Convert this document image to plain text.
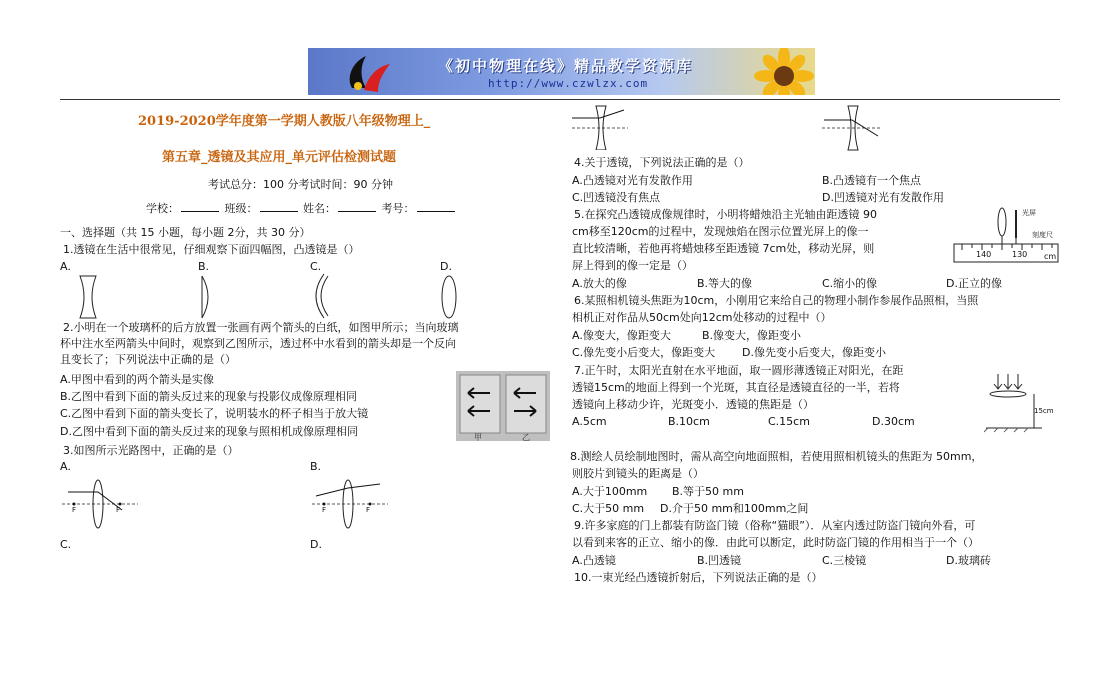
《初中物理在线》精品教学资源库
http://www.czwlzx.com
2019-2020学年度第一学期人教版八年级物理上_
第五章_透镜及其应用_单元评估检测试题
考试总分：100 分考试时间：90 分钟
学校：	班级：	姓名：	考号：
一、选择题（共 15 小题，每小题 2分，共 30 分）
1.透镜在生活中很常见，仔细观察下面四幅图，凸透镜是（）
A.	B.	C.	D.
2.小明在一个玻璃杯的后方放置一张画有两个箭头的白纸，如图甲所示；当向玻璃
杯中注水至两箭头中间时，观察到乙图所示，透过杯中水看到的箭头却是一个反向
且变长了；下列说法中正确的是（）
A.甲图中看到的两个箭头是实像
B.乙图中看到下面的箭头反过来的现象与投影仪成像原理相同
C.乙图中看到下面的箭头变长了，说明装水的杯子相当于放大镜
D.乙图中看到下面的箭头反过来的现象与照相机成像原理相同	甲	乙
3.如图所示光路图中，正确的是（）
A.	B.
F	F	F	F
C.	D.
4.关于透镜，下列说法正确的是（）
A.凸透镜对光有发散作用	B.凸透镜有一个焦点
C.凹透镜没有焦点	D.凹透镜对光有发散作用
5.在探究凸透镜成像规律时，小明将蜡烛沿主光轴由距透镜 90
cm移至120cm的过程中，发现烛焰在图示位置光屏上的像一
直比较清晰，若他再将蜡烛移至距透镜 7cm处，移动光屏，则
屏上得到的像一定是（）
光屏
刻度尺
140	130 cm
A.放大的像	B.等大的像	C.缩小的像	D.正立的像
6.某照相机镜头焦距为10cm，小刚用它来给自己的物理小制作参展作品照相，当照
相机正对作品从50cm处向12cm处移动的过程中（）
A.像变大，像距变大	B.像变大，像距变小
C.像先变小后变大，像距变大 D.像先变小后变大，像距变小
7.正午时，太阳光直射在水平地面，取一圆形薄透镜正对阳光，在距
透镜15cm的地面上得到一个光斑，其直径是透镜直径的一半，若将
透镜向上移动少许，光斑变小．透镜的焦距是（）	15cm
A.5cm	B.10cm	C.15cm	D.30cm
8.测绘人员绘制地图时，需从高空向地面照相，若使用照相机镜头的焦距为 50mm，
则胶片到镜头的距离是（）
A.大于100mm B.等于50 mm
C.大于50 mm D.介于50 mm和100mm之间
9.许多家庭的门上都装有防盗门镜（俗称“猫眼”）．从室内透过防盗门镜向外看，可
以看到来客的正立、缩小的像．由此可以断定，此时防盗门镜的作用相当于一个（）
A.凸透镜	B.凹透镜	C.三棱镜	D.玻璃砖
10.一束光经凸透镜折射后，下列说法正确的是（）
